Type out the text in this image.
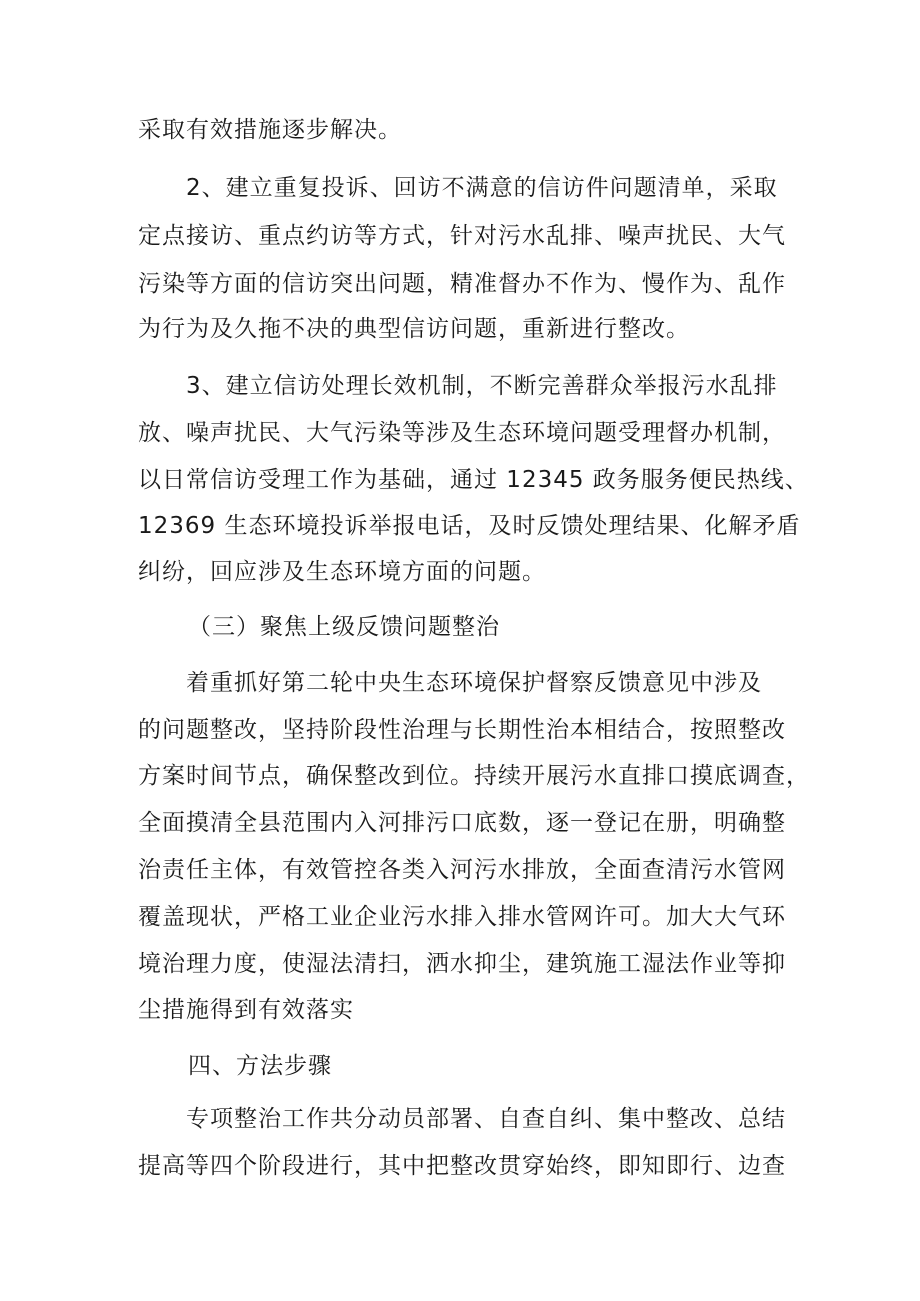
采取有效措施逐步解决。
2、建立重复投诉、回访不满意的信访件问题清单，采取
定点接访、重点约访等方式，针对污水乱排、噪声扰民、大气
污染等方面的信访突出问题，精准督办不作为、慢作为、乱作
为行为及久拖不决的典型信访问题，重新进行整改。
3、建立信访处理长效机制，不断完善群众举报污水乱排
放、噪声扰民、大气污染等涉及生态环境问题受理督办机制，
以日常信访受理工作为基础，通过 12345 政务服务便民热线、
12369 生态环境投诉举报电话，及时反馈处理结果、化解矛盾
纠纷，回应涉及生态环境方面的问题。
（三）聚焦上级反馈问题整治
着重抓好第二轮中央生态环境保护督察反馈意见中涉及
的问题整改，坚持阶段性治理与长期性治本相结合，按照整改
方案时间节点，确保整改到位。持续开展污水直排口摸底调查，
全面摸清全县范围内入河排污口底数，逐一登记在册，明确整
治责任主体，有效管控各类入河污水排放，全面查清污水管网
覆盖现状，严格工业企业污水排入排水管网许可。加大大气环
境治理力度，使湿法清扫，洒水抑尘，建筑施工湿法作业等抑
尘措施得到有效落实
四、方法步骤
专项整治工作共分动员部署、自查自纠、集中整改、总结
提高等四个阶段进行，其中把整改贯穿始终，即知即行、边查
